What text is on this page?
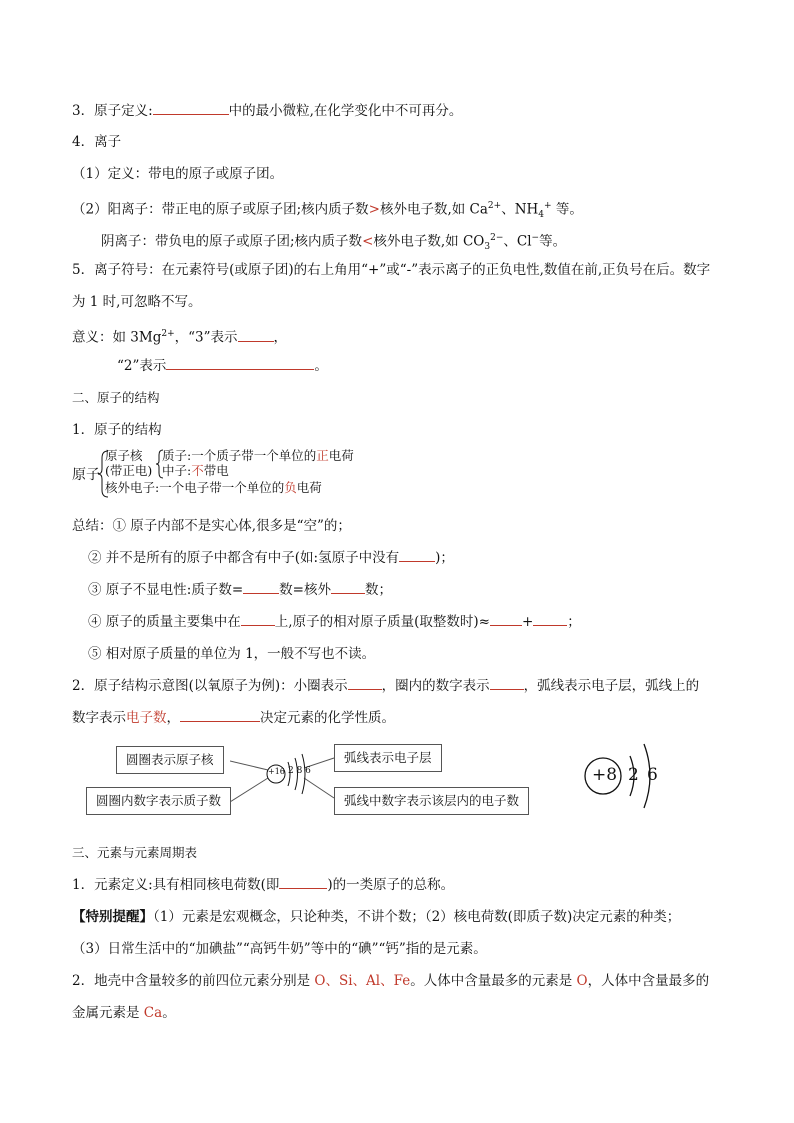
3．原子定义:	中的最小微粒,在化学变化中不可再分。
4．离子
（1）定义：带电的原子或原子团。
（2）阳离子：带正电的原子或原子团;核内质子数>核外电子数,如 $Ca^{2+}$、$NH_4^+$ 等。
阴离子：带负电的原子或原子团;核内质子数<核外电子数,如 $CO_3^{2-}$、Cl−等。
5．离子符号：在元素符号(或原子团)的右上角用“+”或“-”表示离子的正负电性,数值在前,正负号在后。数字
为 1 时,可忽略不写。
意义：如 $3Mg^{2+}$，“3”表示	，
“2”表示	。
二、原子的结构
1．原子的结构
原子
原子核
(带正电)
质子:一个质子带一个单位的正电荷
中子:不带电
核外电子:一个电子带一个单位的负电荷
总结：① 原子内部不是实心体,很多是“空”的；
② 并不是所有的原子中都含有中子(如:氢原子中没有	)；
③ 原子不显电性:质子数=	数=核外	数；
④ 原子的质量主要集中在	上,原子的相对原子质量(取整数时)≈ +	；
⑤ 相对原子质量的单位为 1，一般不写也不读。
2．原子结构示意图(以氧原子为例)：小圈表示	，圈内的数字表示	，弧线表示电子层，弧线上的
数字表示电子数，	决定元素的化学性质。
圆圈表示原子核
圆圈内数字表示质子数
弧线表示电子层
弧线中数字表示该层内的电子数
+16 2 8 6	+8 2 6
三、元素与元素周期表
1．元素定义:具有相同核电荷数(即	)的一类原子的总称。
【特别提醒】（1）元素是宏观概念，只论种类，不讲个数；（2）核电荷数(即质子数)决定元素的种类；
（3）日常生活中的“加碘盐”“高钙牛奶”等中的“碘”“钙”指的是元素。
2．地壳中含量较多的前四位元素分别是 O、Si、Al、Fe。人体中含量最多的元素是 O，人体中含量最多的
金属元素是 Ca。
